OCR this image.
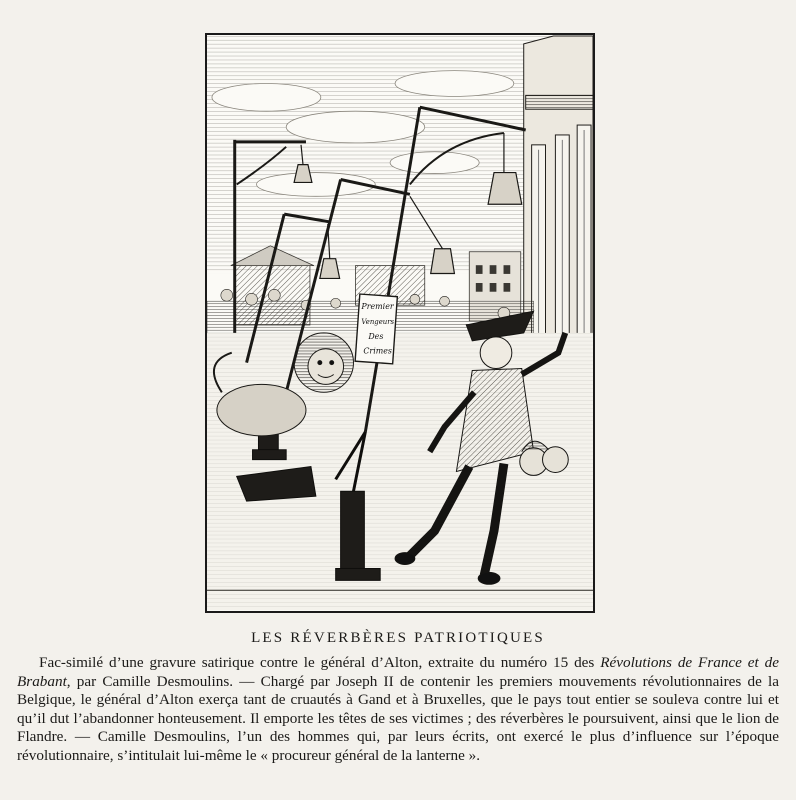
Premier
Vengeurs
Des
Crimes
LES RÉVERBÈRES PATRIOTIQUES

Fac-similé d’une gravure satirique contre le général d’Alton, extraite du numéro 15 des Révolutions de France et de Brabant, par Camille Desmoulins. — Chargé par Joseph II de contenir les premiers mouvements révolutionnaires de la Belgique, le général d’Alton exerça tant de cruautés à Gand et à Bruxelles, que le pays tout entier se souleva contre lui et qu’il dut l’abandonner honteusement. Il emporte les têtes de ses victimes ; des réverbères le poursuivent, ainsi que le lion de Flandre. — Camille Desmoulins, l’un des hommes qui, par leurs écrits, ont exercé le plus d’influence sur l’époque révolutionnaire, s’intitulait lui-même le « procureur général de la lanterne ».
